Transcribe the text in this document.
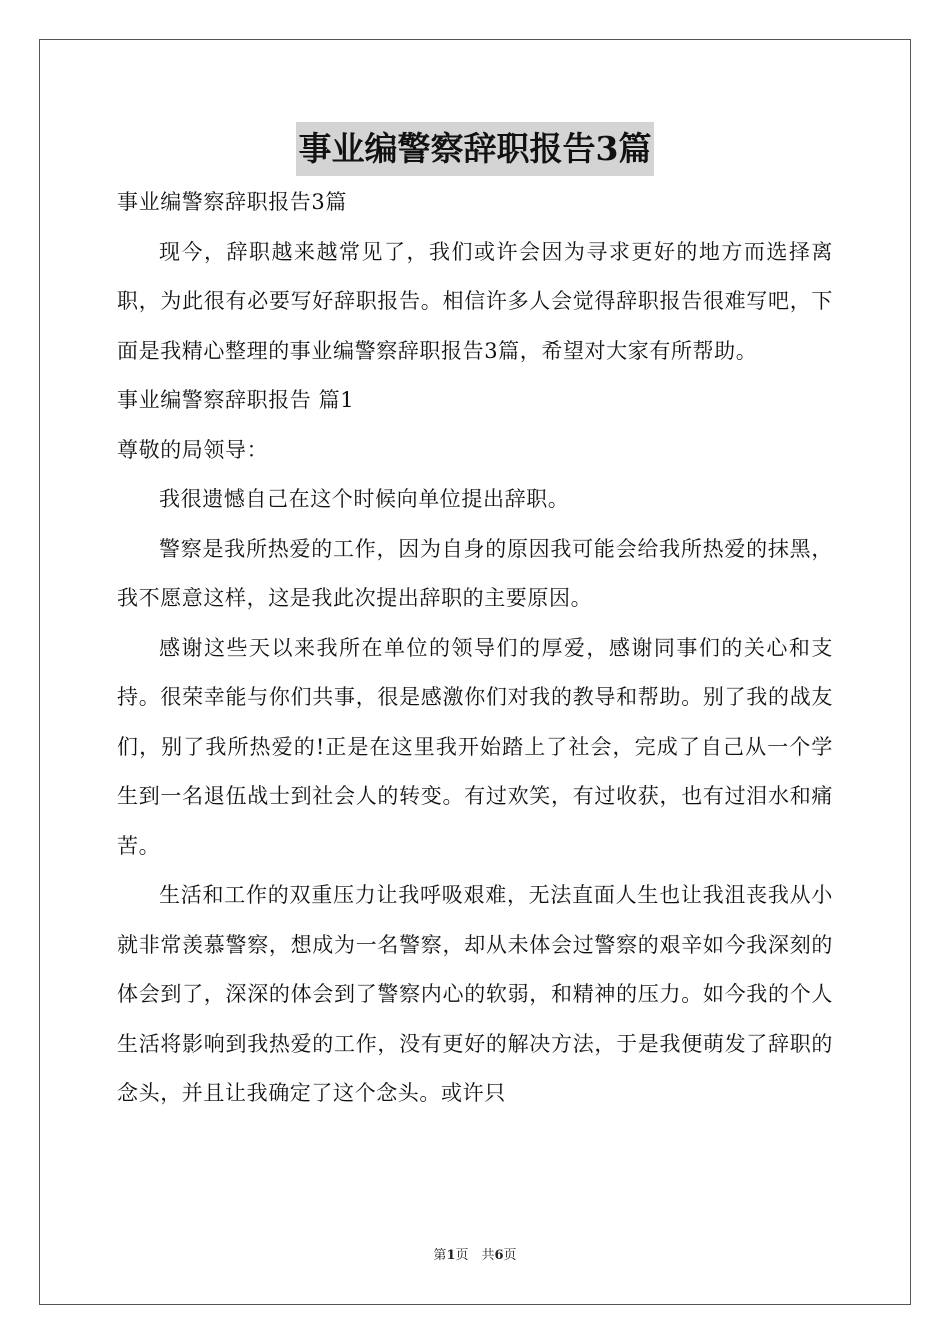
事业编警察辞职报告3篇

事业编警察辞职报告3篇

现今，辞职越来越常见了，我们或许会因为寻求更好的地方而选择离职，为此很有必要写好辞职报告。相信许多人会觉得辞职报告很难写吧，下面是我精心整理的事业编警察辞职报告3篇，希望对大家有所帮助。

事业编警察辞职报告 篇1

尊敬的局领导：

我很遗憾自己在这个时候向单位提出辞职。

警察是我所热爱的工作，因为自身的原因我可能会给我所热爱的抹黑，我不愿意这样，这是我此次提出辞职的主要原因。

感谢这些天以来我所在单位的领导们的厚爱，感谢同事们的关心和支持。很荣幸能与你们共事，很是感激你们对我的教导和帮助。别了我的战友们，别了我所热爱的!正是在这里我开始踏上了社会，完成了自己从一个学生到一名退伍战士到社会人的转变。有过欢笑，有过收获，也有过泪水和痛苦。

生活和工作的双重压力让我呼吸艰难，无法直面人生也让我沮丧我从小就非常羡慕警察，想成为一名警察，却从未体会过警察的艰辛如今我深刻的体会到了，深深的体会到了警察内心的软弱，和精神的压力。如今我的个人生活将影响到我热爱的工作，没有更好的解决方法，于是我便萌发了辞职的念头，并且让我确定了这个念头。或许只

第1页　共6页
